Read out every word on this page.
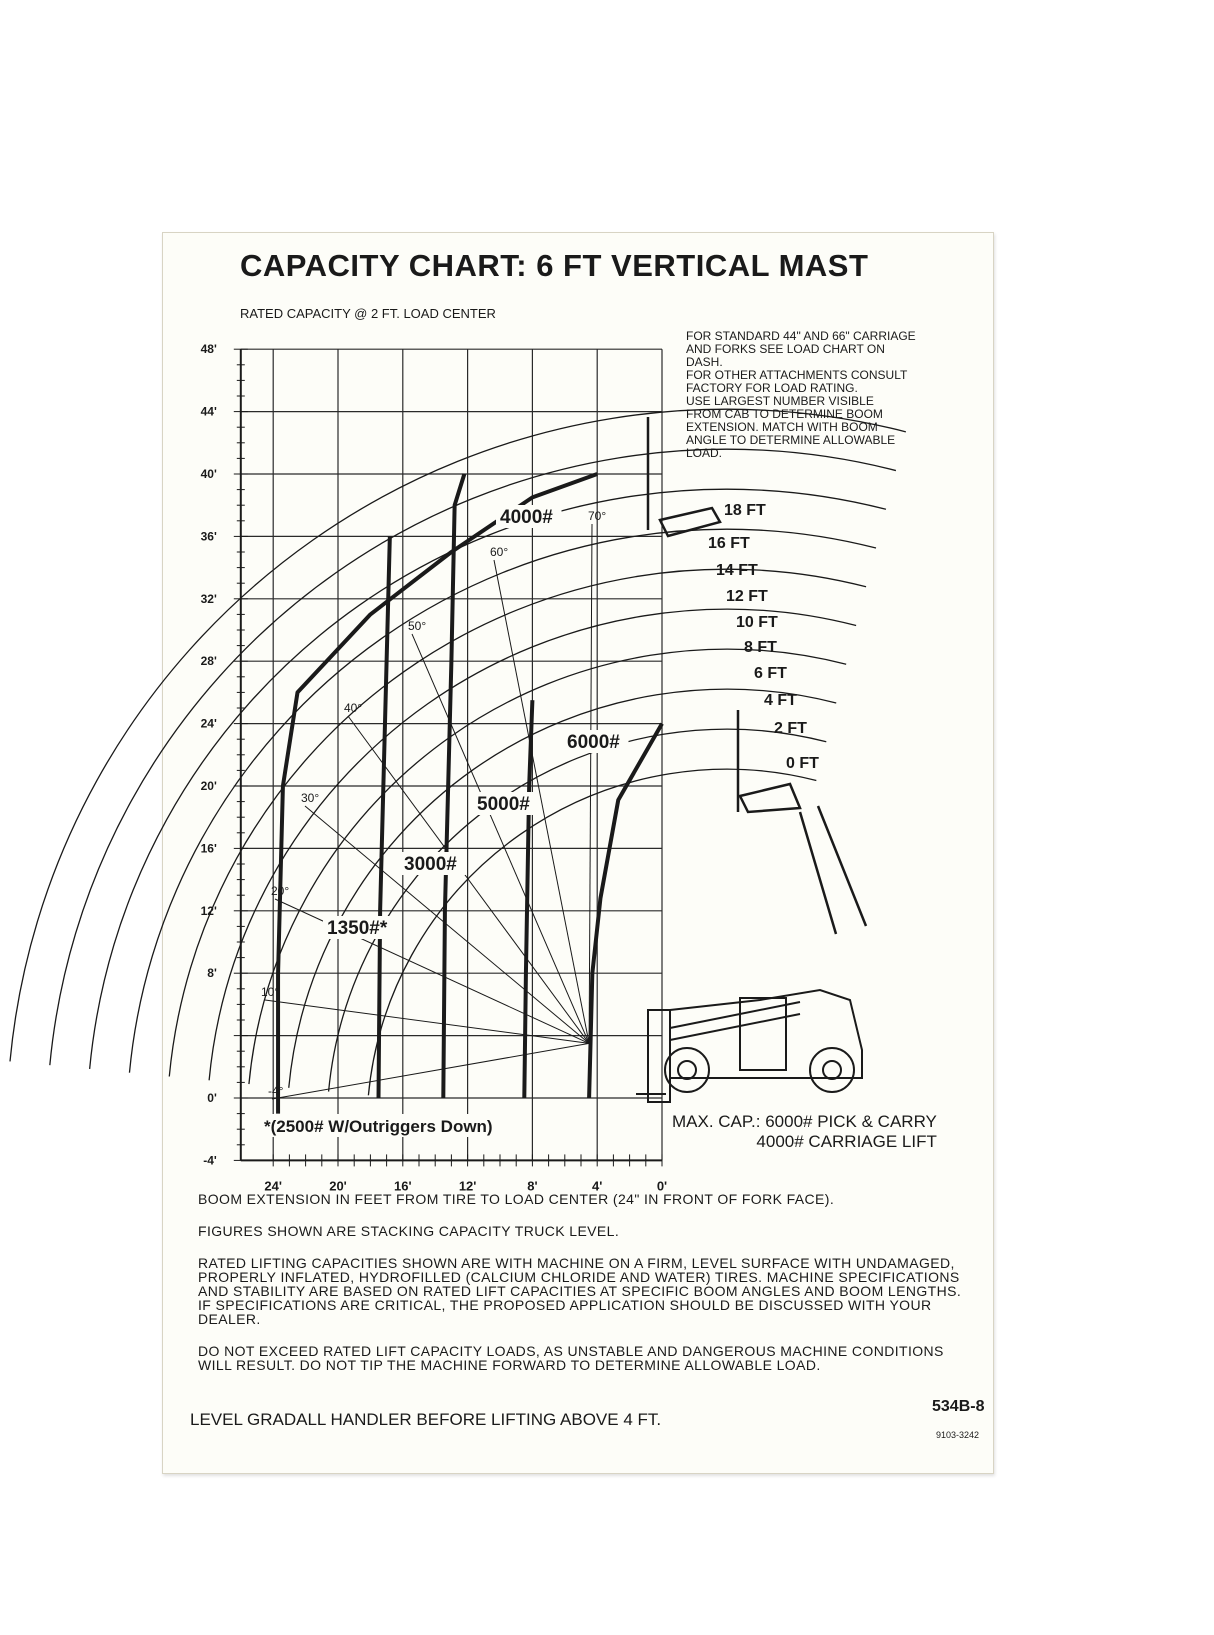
CAPACITY CHART: 6 FT VERTICAL MAST
RATED CAPACITY @ 2 FT. LOAD CENTER
FOR STANDARD 44" AND 66" CARRIAGE
AND FORKS SEE LOAD CHART ON
DASH.
FOR OTHER ATTACHMENTS CONSULT
FACTORY FOR LOAD RATING.
USE LARGEST NUMBER VISIBLE
FROM CAB TO DETERMINE BOOM
EXTENSION. MATCH WITH BOOM
ANGLE TO DETERMINE ALLOWABLE
LOAD.
48'
44'
40'
36'
32'
28'
24'
20'
16'
12'
8'
0'
-4'
24'	20'	16'	12'	8'	4'	0'
18 FT
16 FT
14 FT
12 FT
10 FT
8 FT
6 FT
4 FT
2 FT
0 FT
-4°
10°
20°
30°
40°
50°
60°
70°
4000#
6000#
5000#
3000#
1350#*
*(2500# W/Outriggers Down)	MAX. CAP.: 6000# PICK & CARRY
4000# CARRIAGE LIFT

BOOM EXTENSION IN FEET FROM TIRE TO LOAD CENTER (24" IN FRONT OF FORK FACE).

FIGURES SHOWN ARE STACKING CAPACITY TRUCK LEVEL.

RATED LIFTING CAPACITIES SHOWN ARE WITH MACHINE ON A FIRM, LEVEL SURFACE WITH UNDAMAGED, PROPERLY INFLATED, HYDROFILLED (CALCIUM CHLORIDE AND WATER) TIRES. MACHINE SPECIFICATIONS AND STABILITY ARE BASED ON RATED LIFT CAPACITIES AT SPECIFIC BOOM ANGLES AND BOOM LENGTHS. IF SPECIFICATIONS ARE CRITICAL, THE PROPOSED APPLICATION SHOULD BE DISCUSSED WITH YOUR DEALER.

DO NOT EXCEED RATED LIFT CAPACITY LOADS, AS UNSTABLE AND DANGEROUS MACHINE CONDITIONS WILL RESULT. DO NOT TIP THE MACHINE FORWARD TO DETERMINE ALLOWABLE LOAD.

LEVEL GRADALL HANDLER BEFORE LIFTING ABOVE 4 FT.
534B-8
9103-3242
